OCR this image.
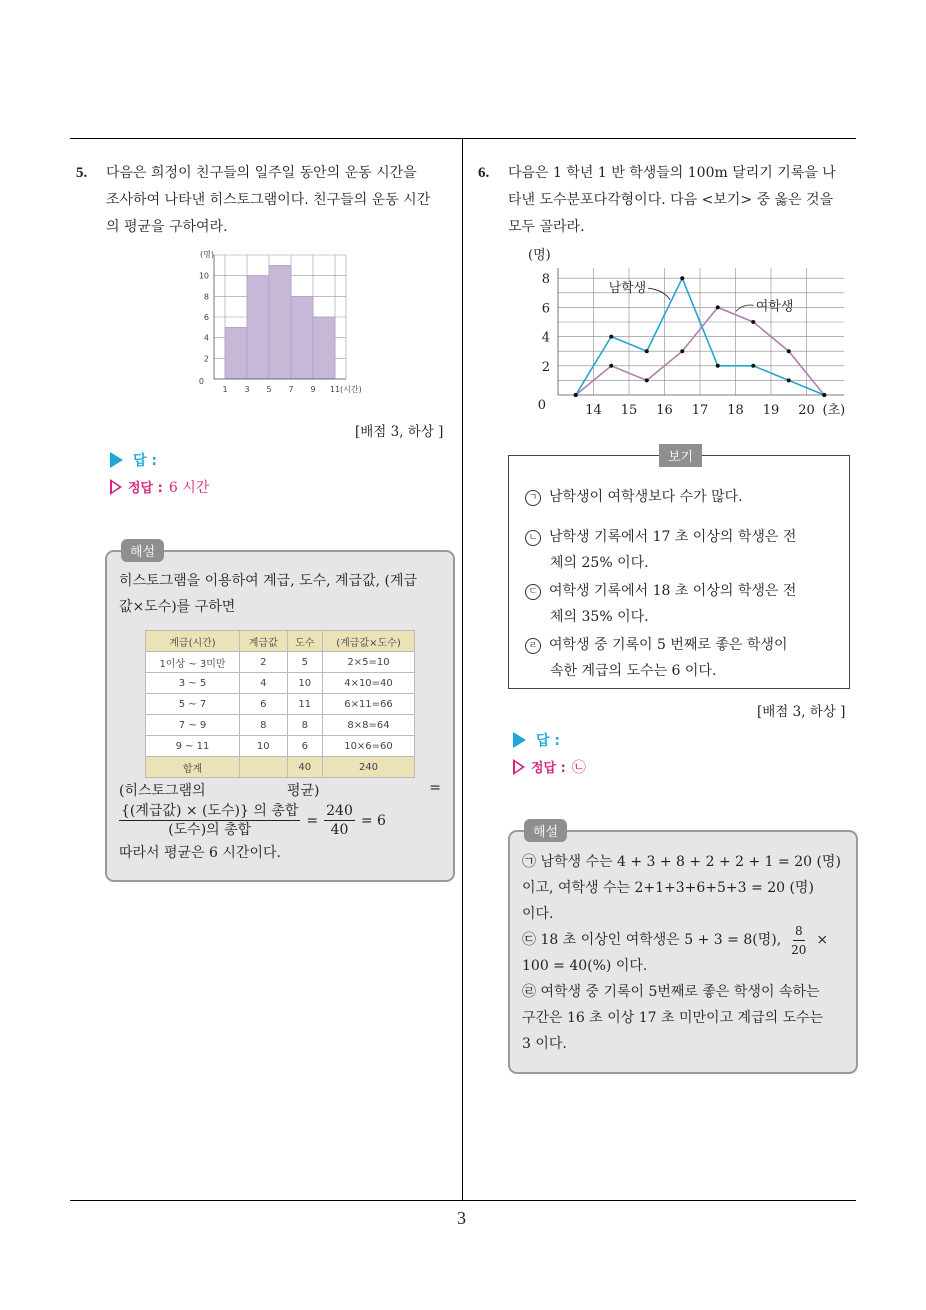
5. 다음은 희정이 친구들의 일주일 동안의 운동 시간을
조사하여 나타낸 히스토그램이다. 친구들의 운동 시간
의 평균을 구하여라.
0
2
4
6
8
10
1 3 5 7 9 11
(명)
(시간)
[배점 3, 하상 ]
답 :
정답 : 6 시간
해설
히스토그램을 이용하여 계급, 도수, 계급값, (계급
값×도수)를 구하면
계급(시간)	계급값	도수	(계급값×도수)
1이상 ~ 3미만	2	5	2×5=10
3 ~ 5	4	10	4×10=40
5 ~ 7	6	11	6×11=66
7 ~ 9	8	8	8×8=64
9 ~ 11	10	6	10×6=60
합계		40	240
(히스토그램의	평균)	=
$\frac{\text{\{(계급값) × (도수)\} 의 총합}}{\text{(도수)의 총합}} = \frac{240}{40} = 6$
따라서 평균은 6 시간이다.
6. 다음은 1 학년 1 반 학생들의 100m 달리기 기록을 나
타낸 도수분포다각형이다. 다음 <보기> 중 옳은 것을
모두 골라라.
0
2
4
6
8
14 15 16 17 18 19 20 (초)
(명)
남학생
여학생
보기
ㄱ 남학생이 여학생보다 수가 많다.
ㄴ 남학생 기록에서 17 초 이상의 학생은 전
체의 25% 이다.
ㄷ 여학생 기록에서 18 초 이상의 학생은 전
체의 35% 이다.
ㄹ 여학생 중 기록이 5 번째로 좋은 학생이
속한 계급의 도수는 6 이다.
[배점 3, 하상 ]
답 :
정답 : ㉡
해설
㉠ 남학생 수는 4 + 3 + 8 + 2 + 2 + 1 = 20 (명)
이고, 여학생 수는 2+1+3+6+5+3 = 20 (명)
이다.
㉢ 18 초 이상인 여학생은 5 + 3 = 8(명), $\frac{8}{20}$ ×
100 = 40(%) 이다.
㉣ 여학생 중 기록이 5번째로 좋은 학생이 속하는
구간은 16 초 이상 17 초 미만이고 계급의 도수는
3 이다.
3
